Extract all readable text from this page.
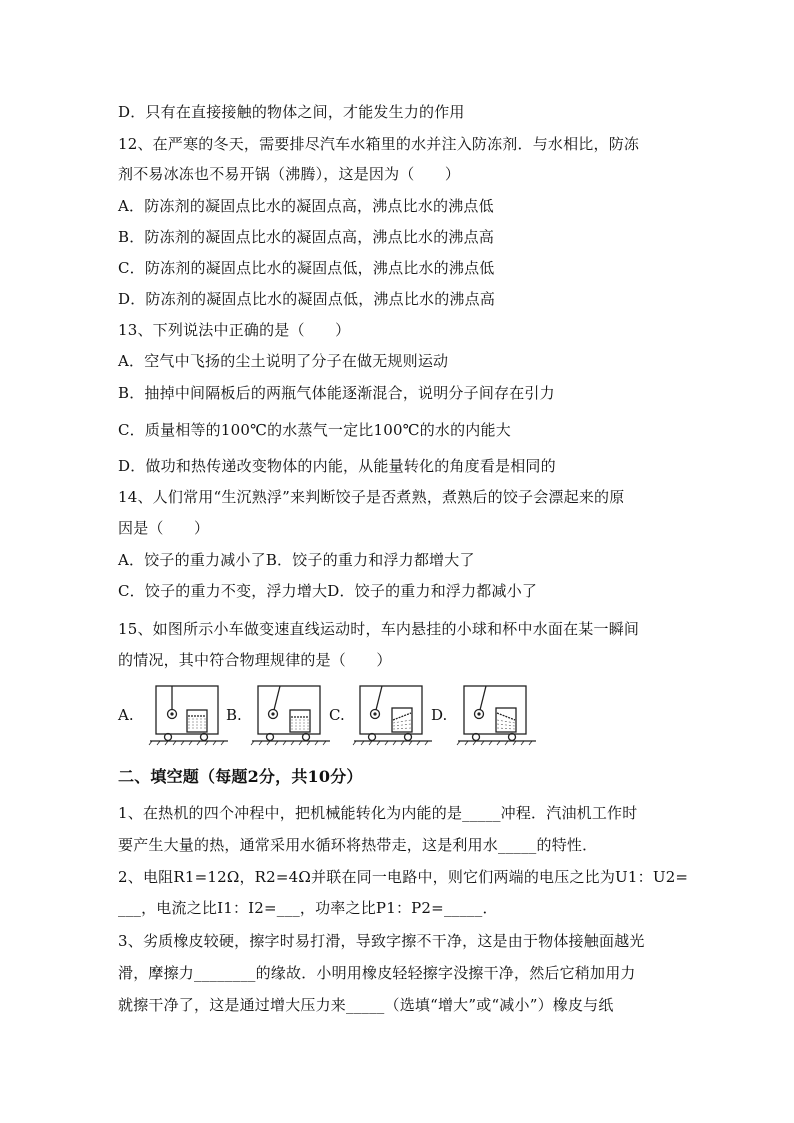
D．只有在直接接触的物体之间，才能发生力的作用
12、在严寒的冬天，需要排尽汽车水箱里的水并注入防冻剂．与水相比，防冻
剂不易冰冻也不易开锅（沸腾），这是因为（　　）
A．防冻剂的凝固点比水的凝固点高，沸点比水的沸点低
B．防冻剂的凝固点比水的凝固点高，沸点比水的沸点高
C．防冻剂的凝固点比水的凝固点低，沸点比水的沸点低
D．防冻剂的凝固点比水的凝固点低，沸点比水的沸点高
13、下列说法中正确的是（　　）
A．空气中飞扬的尘土说明了分子在做无规则运动
B．抽掉中间隔板后的两瓶气体能逐渐混合，说明分子间存在引力
C．质量相等的100℃的水蒸气一定比100℃的水的内能大
D．做功和热传递改变物体的内能，从能量转化的角度看是相同的
14、人们常用“生沉熟浮”来判断饺子是否煮熟，煮熟后的饺子会漂起来的原
因是（　　）
A．饺子的重力减小了B．饺子的重力和浮力都增大了
C．饺子的重力不变，浮力增大D．饺子的重力和浮力都减小了
15、如图所示小车做变速直线运动时，车内悬挂的小球和杯中水面在某一瞬间
的情况，其中符合物理规律的是（　　）
A.	B.	C.	D.
二、填空题（每题2分，共10分）
1、在热机的四个冲程中，把机械能转化为内能的是_____冲程．汽油机工作时
要产生大量的热，通常采用水循环将热带走，这是利用水_____的特性．
2、电阻R1=12Ω，R2=4Ω并联在同一电路中，则它们两端的电压之比为U1：U2=
___，电流之比I1：I2=___，功率之比P1：P2=_____．
3、劣质橡皮较硬，擦字时易打滑，导致字擦不干净，这是由于物体接触面越光
滑，摩擦力________的缘故．小明用橡皮轻轻擦字没擦干净，然后它稍加用力
就擦干净了，这是通过增大压力来_____（选填“增大”或“减小”）橡皮与纸
